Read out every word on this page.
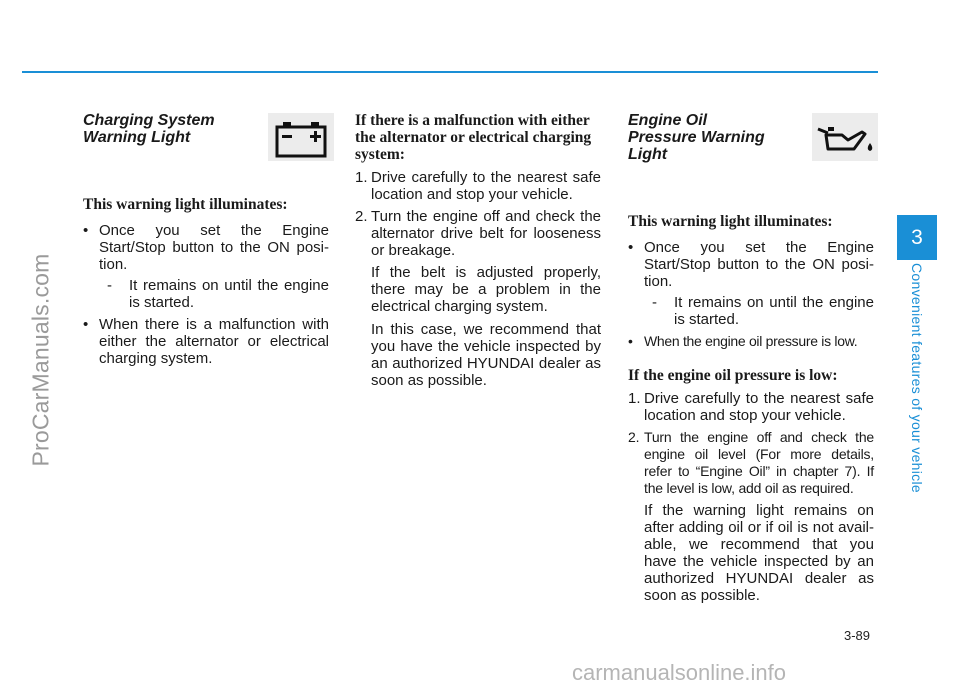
ProCarManuals.com
3
Convenient features of your vehicle
Charging System Warning Light

This warning light illuminates:

• Once you set the Engine Start/Stop button to the ON posi-tion.
- It remains on until the engine is started.
• When there is a malfunction with either the alternator or electrical charging system.

If there is a malfunction with either the alternator or electrical charging system:

1. Drive carefully to the nearest safe location and stop your vehicle.
2. Turn the engine off and check the alternator drive belt for looseness or breakage.

If the belt is adjusted properly, there may be a problem in the electrical charging system.

In this case, we recommend that you have the vehicle inspected by an authorized HYUNDAI dealer as soon as possible.

Engine Oil Pressure Warning Light

This warning light illuminates:

• Once you set the Engine Start/Stop button to the ON posi-tion.
- It remains on until the engine is started.
• When the engine oil pressure is low.

If the engine oil pressure is low:

1. Drive carefully to the nearest safe location and stop your vehicle.
2. Turn the engine off and check the engine oil level (For more details, refer to “Engine Oil” in chapter 7). If the level is low, add oil as required.

If the warning light remains on after adding oil or if oil is not avail-able, we recommend that you have the vehicle inspected by an authorized HYUNDAI dealer as soon as possible.

3-89
carmanualsonline.info
